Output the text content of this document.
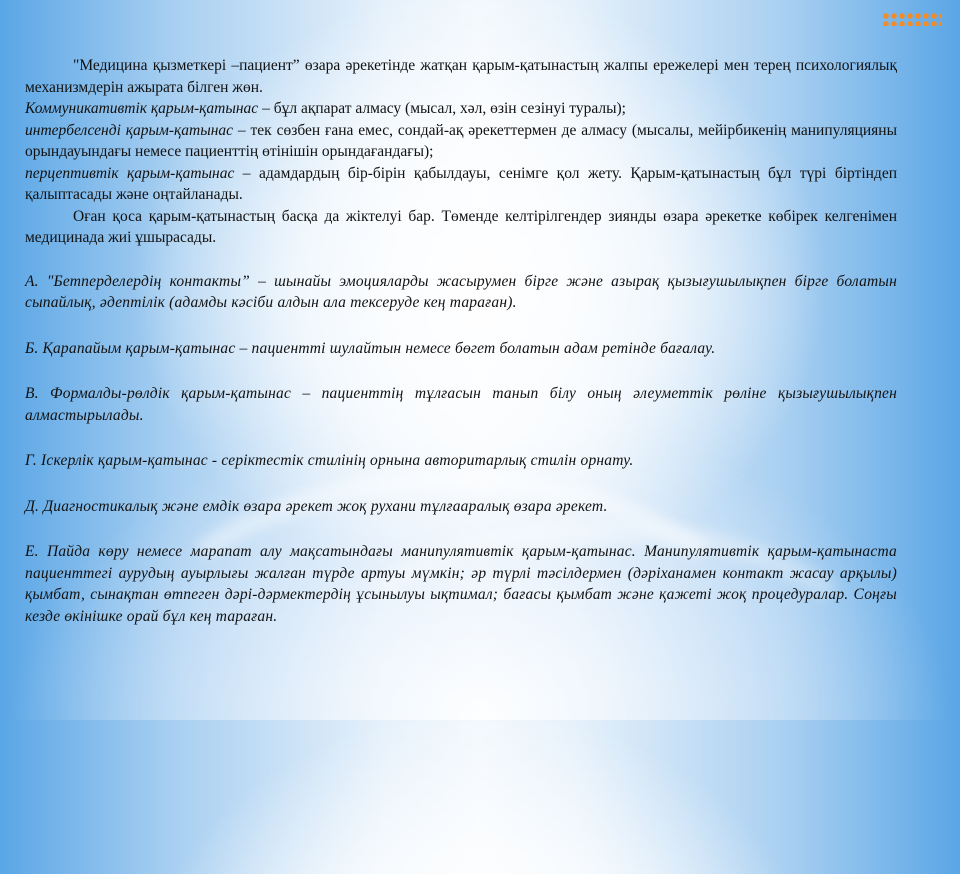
"Медицина қызметкері –пациент” өзара әрекетінде жатқан қарым-қатынастың жалпы ережелері мен терең психологиялық механизмдерін ажырата білген жөн.

Коммуникативтік қарым-қатынас – бұл ақпарат алмасу (мысал, хәл, өзін сезінуі туралы);

интербелсенді қарым-қатынас – тек сөзбен ғана емес, сондай-ақ әрекеттермен де алмасу (мысалы, мейірбикенің манипуляцияны орындауындағы немесе пациенттің өтінішін орындағандағы);

перцептивтік қарым-қатынас – адамдардың бір-бірін қабылдауы, сенімге қол жету. Қарым-қатынастың бұл түрі біртіндеп қалыптасады және оңтайланады.

Оған қоса қарым-қатынастың басқа да жіктелуі бар. Төменде келтірілгендер зиянды өзара әрекетке көбірек келгенімен медицинада жиі ұшырасады.

А. "Бетперделердің контакты” – шынайы эмоцияларды жасырумен бірге және азырақ қызығушылықпен бірге болатын сыпайлық, әдептілік (адамды кәсіби алдын ала тексеруде кең тараған).

Б. Қарапайым қарым-қатынас – пациентті шулайтын немесе бөгет болатын адам ретінде бағалау.

В. Формалды-рөлдік қарым-қатынас – пациенттің тұлғасын танып білу оның әлеуметтік рөліне қызығушылықпен алмастырылады.

Г. Іскерлік қарым-қатынас - серіктестік стилінің орнына авторитарлық стилін орнату.

Д. Диагностикалық және емдік өзара әрекет жоқ рухани тұлғааралық өзара әрекет.

Е. Пайда көру немесе марапат алу мақсатындағы манипулятивтік қарым-қатынас. Манипулятивтік қарым-қатынаста пациенттегі аурудың ауырлығы жалған түрде артуы мүмкін; әр түрлі тәсілдермен (дәріханамен контакт жасау арқылы) қымбат, сынақтан өтпеген дәрі-дәрмектердің ұсынылуы ықтимал; бағасы қымбат және қажеті жоқ процедуралар. Соңғы кезде өкінішке орай бұл кең тараған.
